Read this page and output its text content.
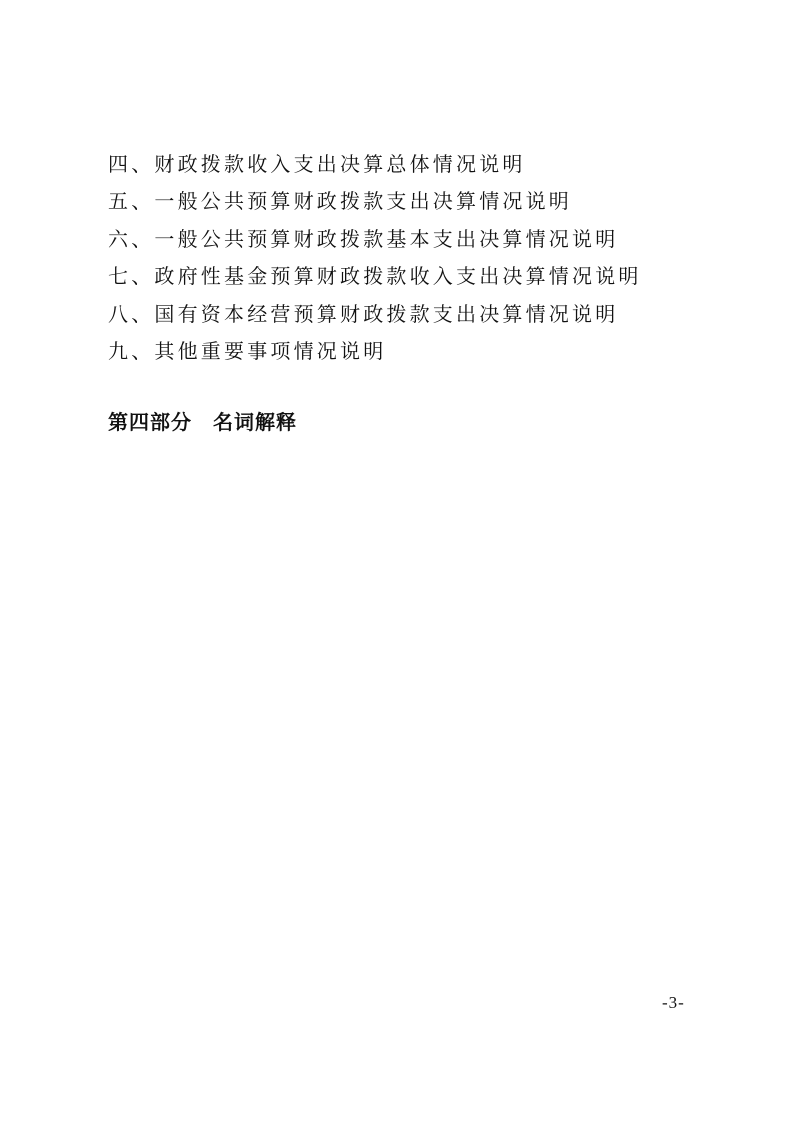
四、财政拨款收入支出决算总体情况说明
五、一般公共预算财政拨款支出决算情况说明
六、一般公共预算财政拨款基本支出决算情况说明
七、政府性基金预算财政拨款收入支出决算情况说明
八、国有资本经营预算财政拨款支出决算情况说明
九、其他重要事项情况说明
第四部分　名词解释
-3-
